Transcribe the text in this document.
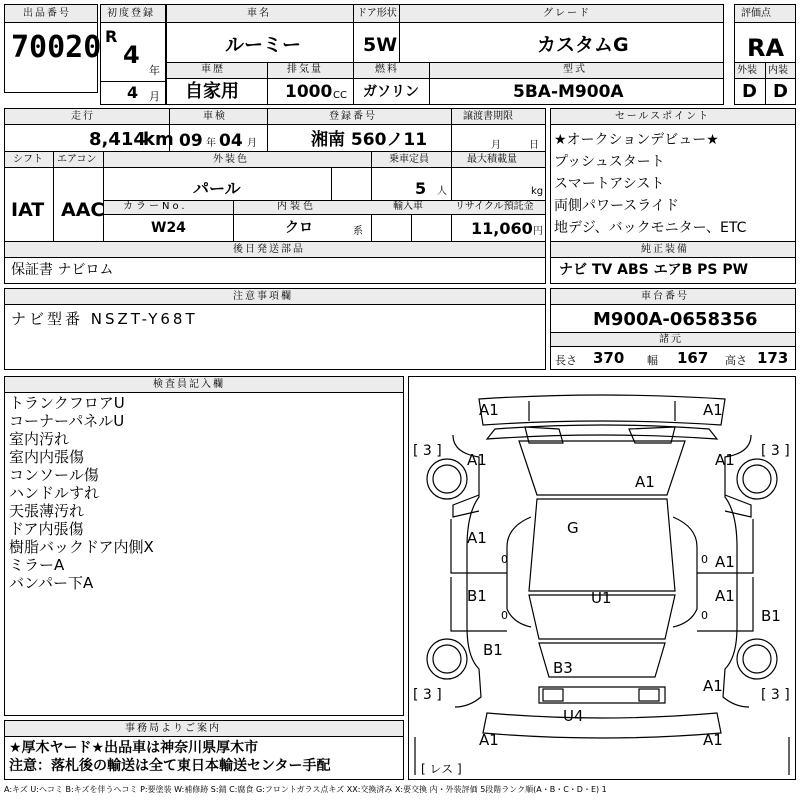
出品番号
70020
初度登録
R
4
年
4 月
車名
ルーミー
ドア形状
5W
グレード
カスタムG
車歴
自家用
排気量
1000 CC
燃料
ガソリン
型式
5BA-M900A
評価点
RA
外装 内装
D D
走行	車検	登録番号	譲渡書期限
8,414
km 09 年 04 月	湘南 560ノ11	月	日
シフト エアコン	外装色	乗車定員	最大積載量
IAT AAC
パール	5 人	kg
カラーNo.	内装色	輸入車	リサイクル預託金
W24	クロ	系	11,060 円
後日発送部品
保証書 ナビロム
セールスポイント
★オークションデビュー★
プッシュスタート
スマートアシスト
両側パワースライド
地デジ、バックモニター、ETC
純正装備
ナビ TV ABS エアB PS PW
注意事項欄
ナビ型番 NSZT-Y68T
車台番号
M900A-0658356
諸元
長さ 370 幅 167 高さ 173
検査員記入欄
トランクフロアU
コーナーパネルU
室内汚れ
室内内張傷
コンソール傷
ハンドルすれ
天張薄汚れ
ドア内張傷
樹脂バックドア内側X
ミラーA
バンパー下A
A1	A1
A1	A1
A1
A1
A1
A1
A1
A1	A1
B1
B1
B1
B3
G
U1
U4
[ 3 ]	[ 3 ]
[ 3 ]	[ 3 ]
0	0
0	0
[ レス ]
事務局よりご案内
★厚木ヤード★出品車は神奈川県厚木市
注意：落札後の輸送は全て東日本輸送センター手配
A:キズ U:ヘコミ B:キズを伴うヘコミ P:要塗装 W:補修跡 S:錆 C:腐食 G:フロントガラス点キズ XX:交換済み X:要交換 内・外装評価 5段階ランク順(A・B・C・D・E) 1
